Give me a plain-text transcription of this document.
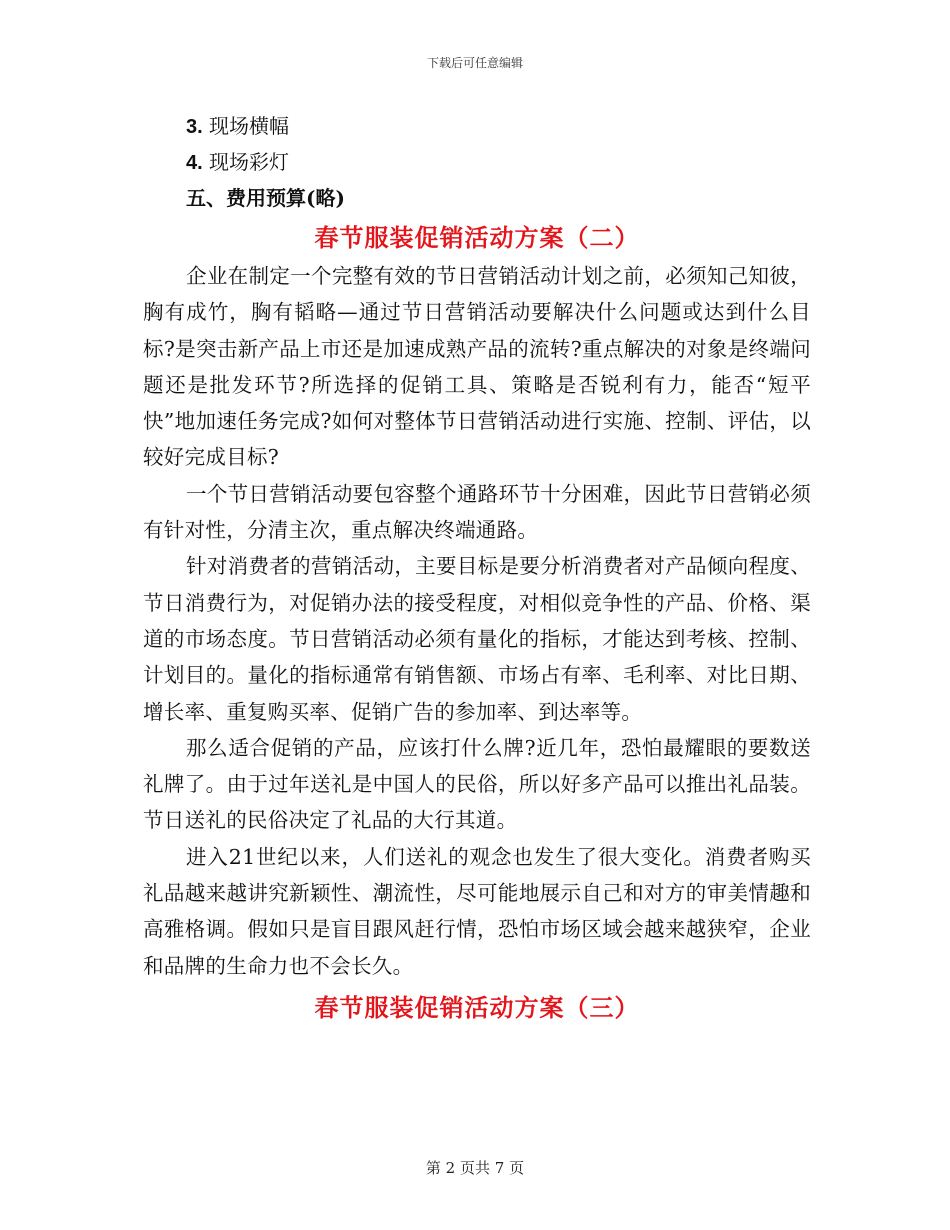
下载后可任意编辑
3. 现场横幅
4. 现场彩灯
五、费用预算(略)
春节服装促销活动方案（二）

企业在制定一个完整有效的节日营销活动计划之前，必须知己知彼，胸有成竹，胸有韬略—通过节日营销活动要解决什么问题或达到什么目标?是突击新产品上市还是加速成熟产品的流转?重点解决的对象是终端问题还是批发环节?所选择的促销工具、策略是否锐利有力，能否“短平快”地加速任务完成?如何对整体节日营销活动进行实施、控制、评估，以较好完成目标?

一个节日营销活动要包容整个通路环节十分困难，因此节日营销必须有针对性，分清主次，重点解决终端通路。

针对消费者的营销活动，主要目标是要分析消费者对产品倾向程度、节日消费行为，对促销办法的接受程度，对相似竞争性的产品、价格、渠道的市场态度。节日营销活动必须有量化的指标，才能达到考核、控制、计划目的。量化的指标通常有销售额、市场占有率、毛利率、对比日期、增长率、重复购买率、促销广告的参加率、到达率等。

那么适合促销的产品，应该打什么牌?近几年，恐怕最耀眼的要数送礼牌了。由于过年送礼是中国人的民俗，所以好多产品可以推出礼品装。节日送礼的民俗决定了礼品的大行其道。

进入21世纪以来，人们送礼的观念也发生了很大变化。消费者购买礼品越来越讲究新颖性、潮流性，尽可能地展示自己和对方的审美情趣和高雅格调。假如只是盲目跟风赶行情，恐怕市场区域会越来越狭窄，企业和品牌的生命力也不会长久。

春节服装促销活动方案（三）
第 2 页共 7 页
